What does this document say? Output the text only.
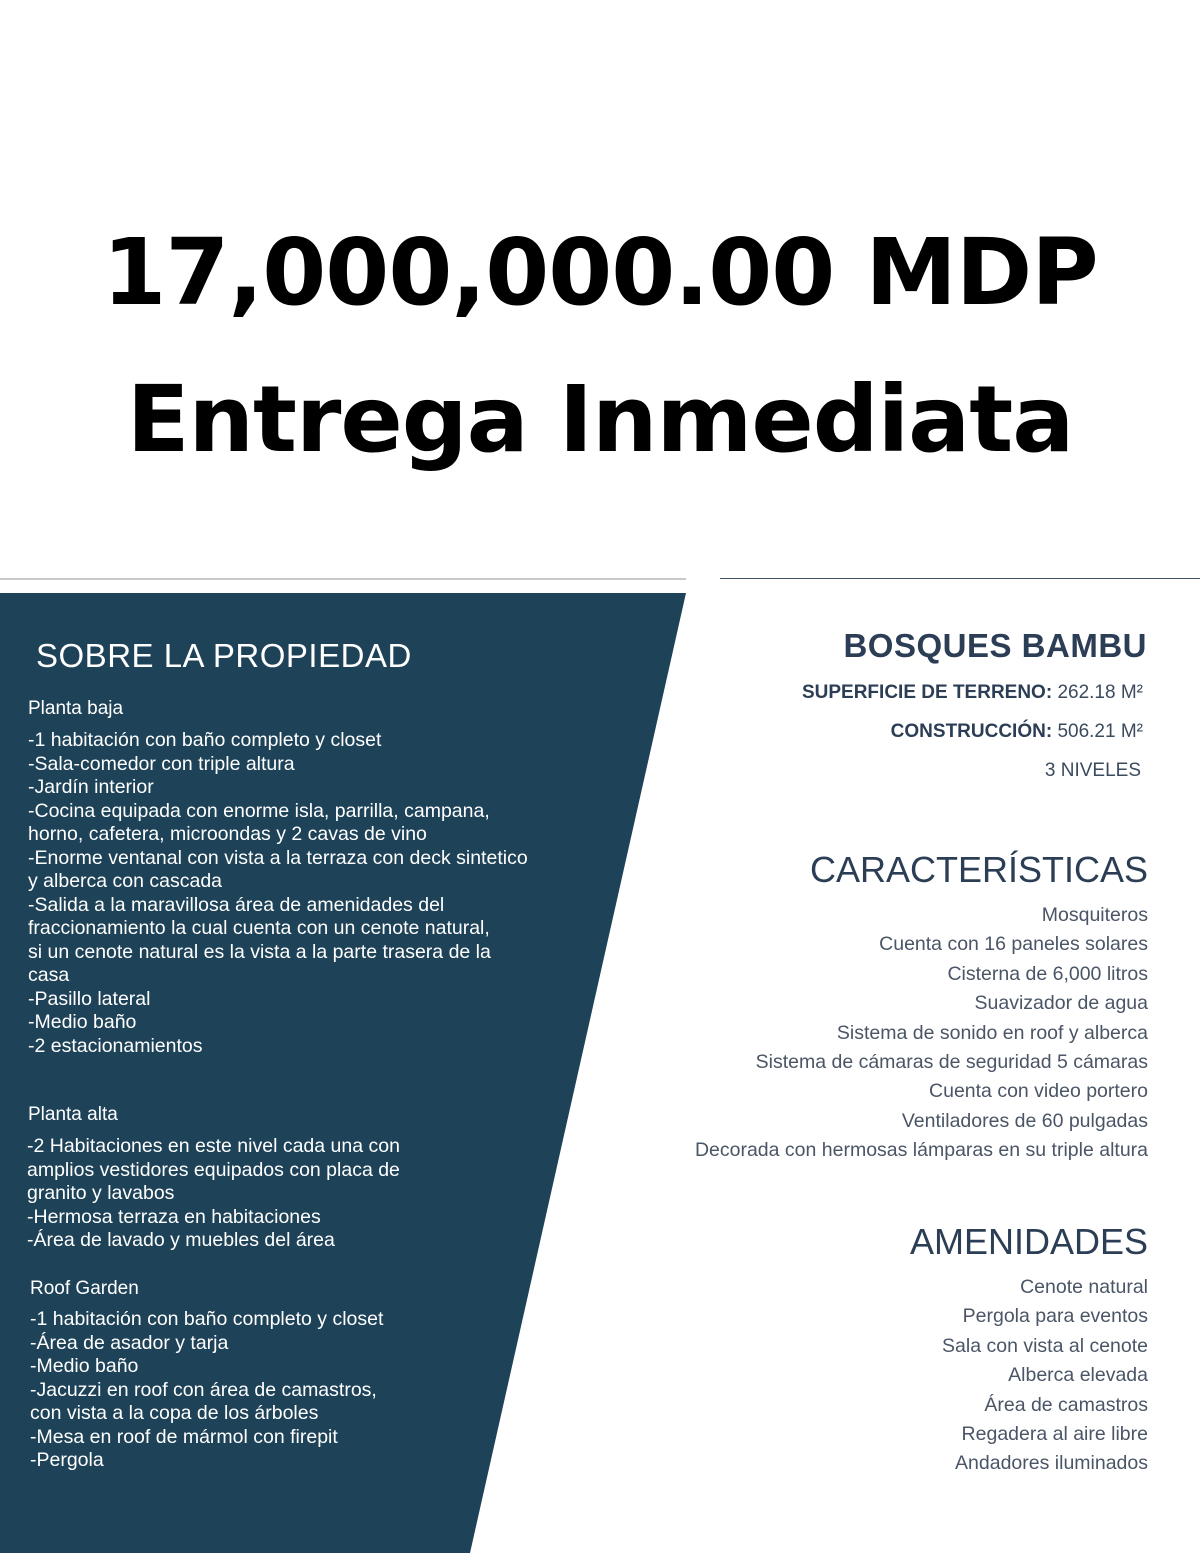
17,000,000.00 MDP
Entrega Inmediata
SOBRE LA PROPIEDAD
Planta baja
-1 habitación con baño completo y closet
-Sala-comedor con triple altura
-Jardín interior
-Cocina equipada con enorme isla, parrilla, campana,
horno, cafetera, microondas y 2 cavas de vino
-Enorme ventanal con vista a la terraza con deck sintetico
y alberca con cascada
-Salida a la maravillosa área de amenidades del
fraccionamiento la cual cuenta con un cenote natural,
si un cenote natural es la vista a la parte trasera de la
casa
-Pasillo lateral
-Medio baño
-2 estacionamientos
Planta alta
-2 Habitaciones en este nivel cada una con
amplios vestidores equipados con placa de
granito y lavabos
-Hermosa terraza en habitaciones
-Área de lavado y muebles del área
Roof Garden
-1 habitación con baño completo y closet
-Área de asador y tarja
-Medio baño
-Jacuzzi en roof con área de camastros,
con vista a la copa de los árboles
-Mesa en roof de mármol con firepit
-Pergola
BOSQUES BAMBU
SUPERFICIE DE TERRENO: 262.18 M²
CONSTRUCCIÓN: 506.21 M²
3 NIVELES
CARACTERÍSTICAS
Mosquiteros
Cuenta con 16 paneles solares
Cisterna de 6,000 litros
Suavizador de agua
Sistema de sonido en roof y alberca
Sistema de cámaras de seguridad 5 cámaras
Cuenta con video portero
Ventiladores de 60 pulgadas
Decorada con hermosas lámparas en su triple altura
AMENIDADES
Cenote natural
Pergola para eventos
Sala con vista al cenote
Alberca elevada
Área de camastros
Regadera al aire libre
Andadores iluminados
